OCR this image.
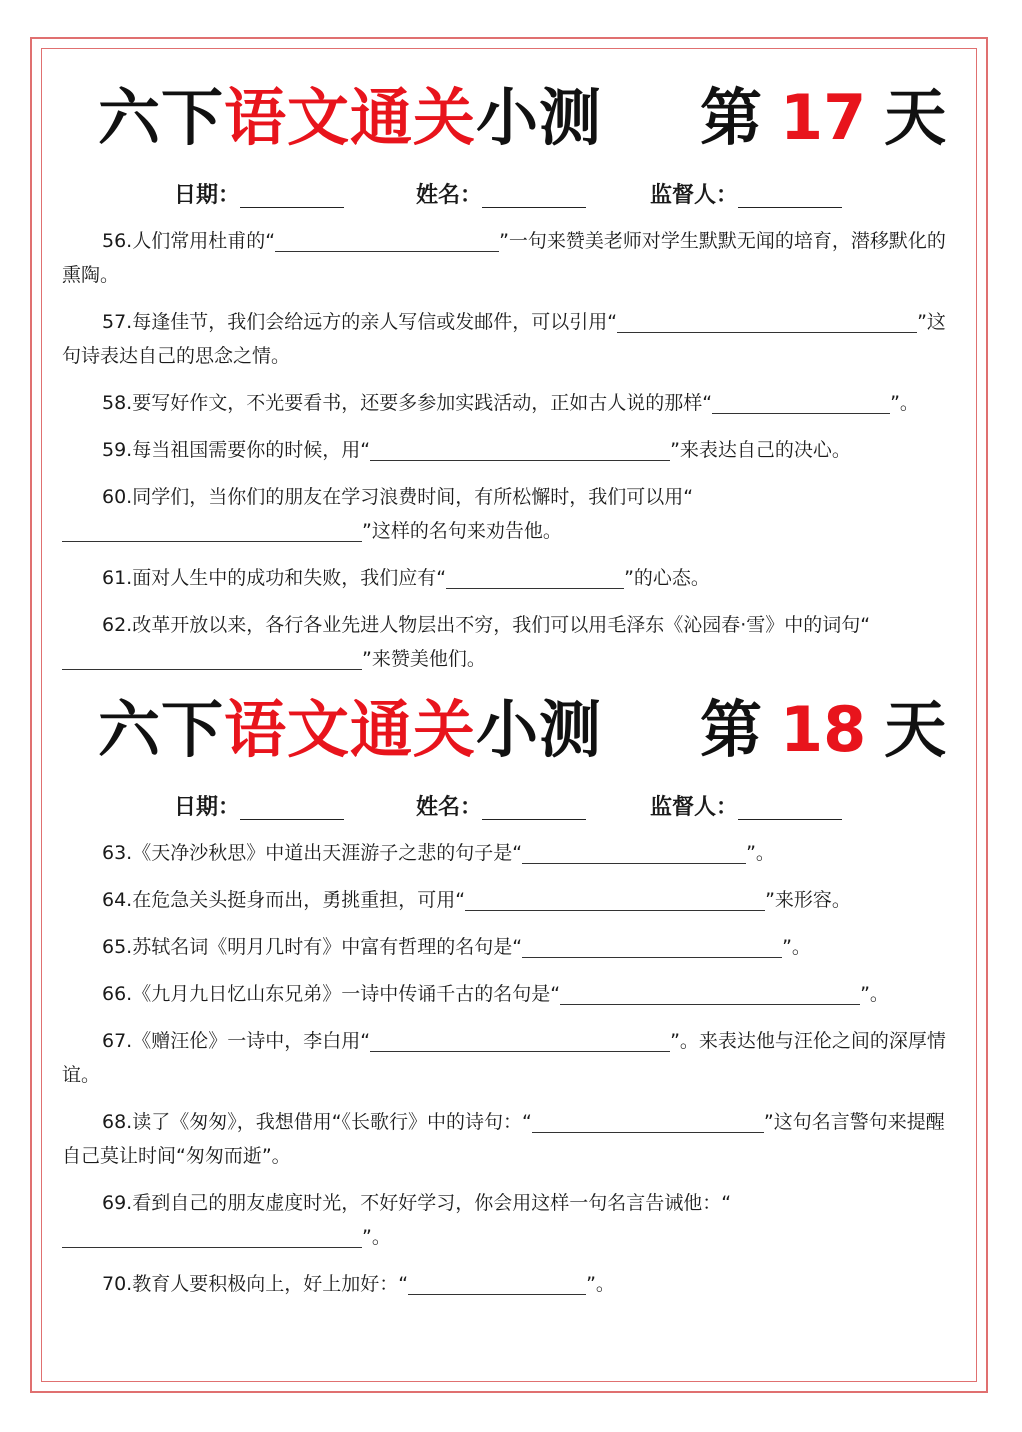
六下语文通关小测 第 17 天
日期：	姓名：	监督人：

56.人们常用杜甫的“	”一句来赞美老师对学生默默无闻的培育，潜移默化的熏陶。

57.每逢佳节，我们会给远方的亲人写信或发邮件，可以引用“	”这句诗表达自己的思念之情。

58.要写好作文，不光要看书，还要多参加实践活动，正如古人说的那样“	”。

59.每当祖国需要你的时候，用“	”来表达自己的决心。

60.同学们，当你们的朋友在学习浪费时间，有所松懈时，我们可以用“”这样的名句来劝告他。

61.面对人生中的成功和失败，我们应有“	”的心态。

62.改革开放以来，各行各业先进人物层出不穷，我们可以用毛泽东《沁园春·雪》中的词句“”来赞美他们。

六下语文通关小测 第 18 天
日期：	姓名：	监督人：

63.《天净沙秋思》中道出天涯游子之悲的句子是“	”。

64.在危急关头挺身而出，勇挑重担，可用“	”来形容。

65.苏轼名词《明月几时有》中富有哲理的名句是“	”。

66.《九月九日忆山东兄弟》一诗中传诵千古的名句是“	”。

67.《赠汪伦》一诗中，李白用“	”。来表达他与汪伦之间的深厚情谊。

68.读了《匆匆》，我想借用“《长歌行》中的诗句：“	”这句名言警句来提醒自己莫让时间“匆匆而逝”。

69.看到自己的朋友虚度时光，不好好学习，你会用这样一句名言告诫他：“”。

70.教育人要积极向上，好上加好：“	”。
